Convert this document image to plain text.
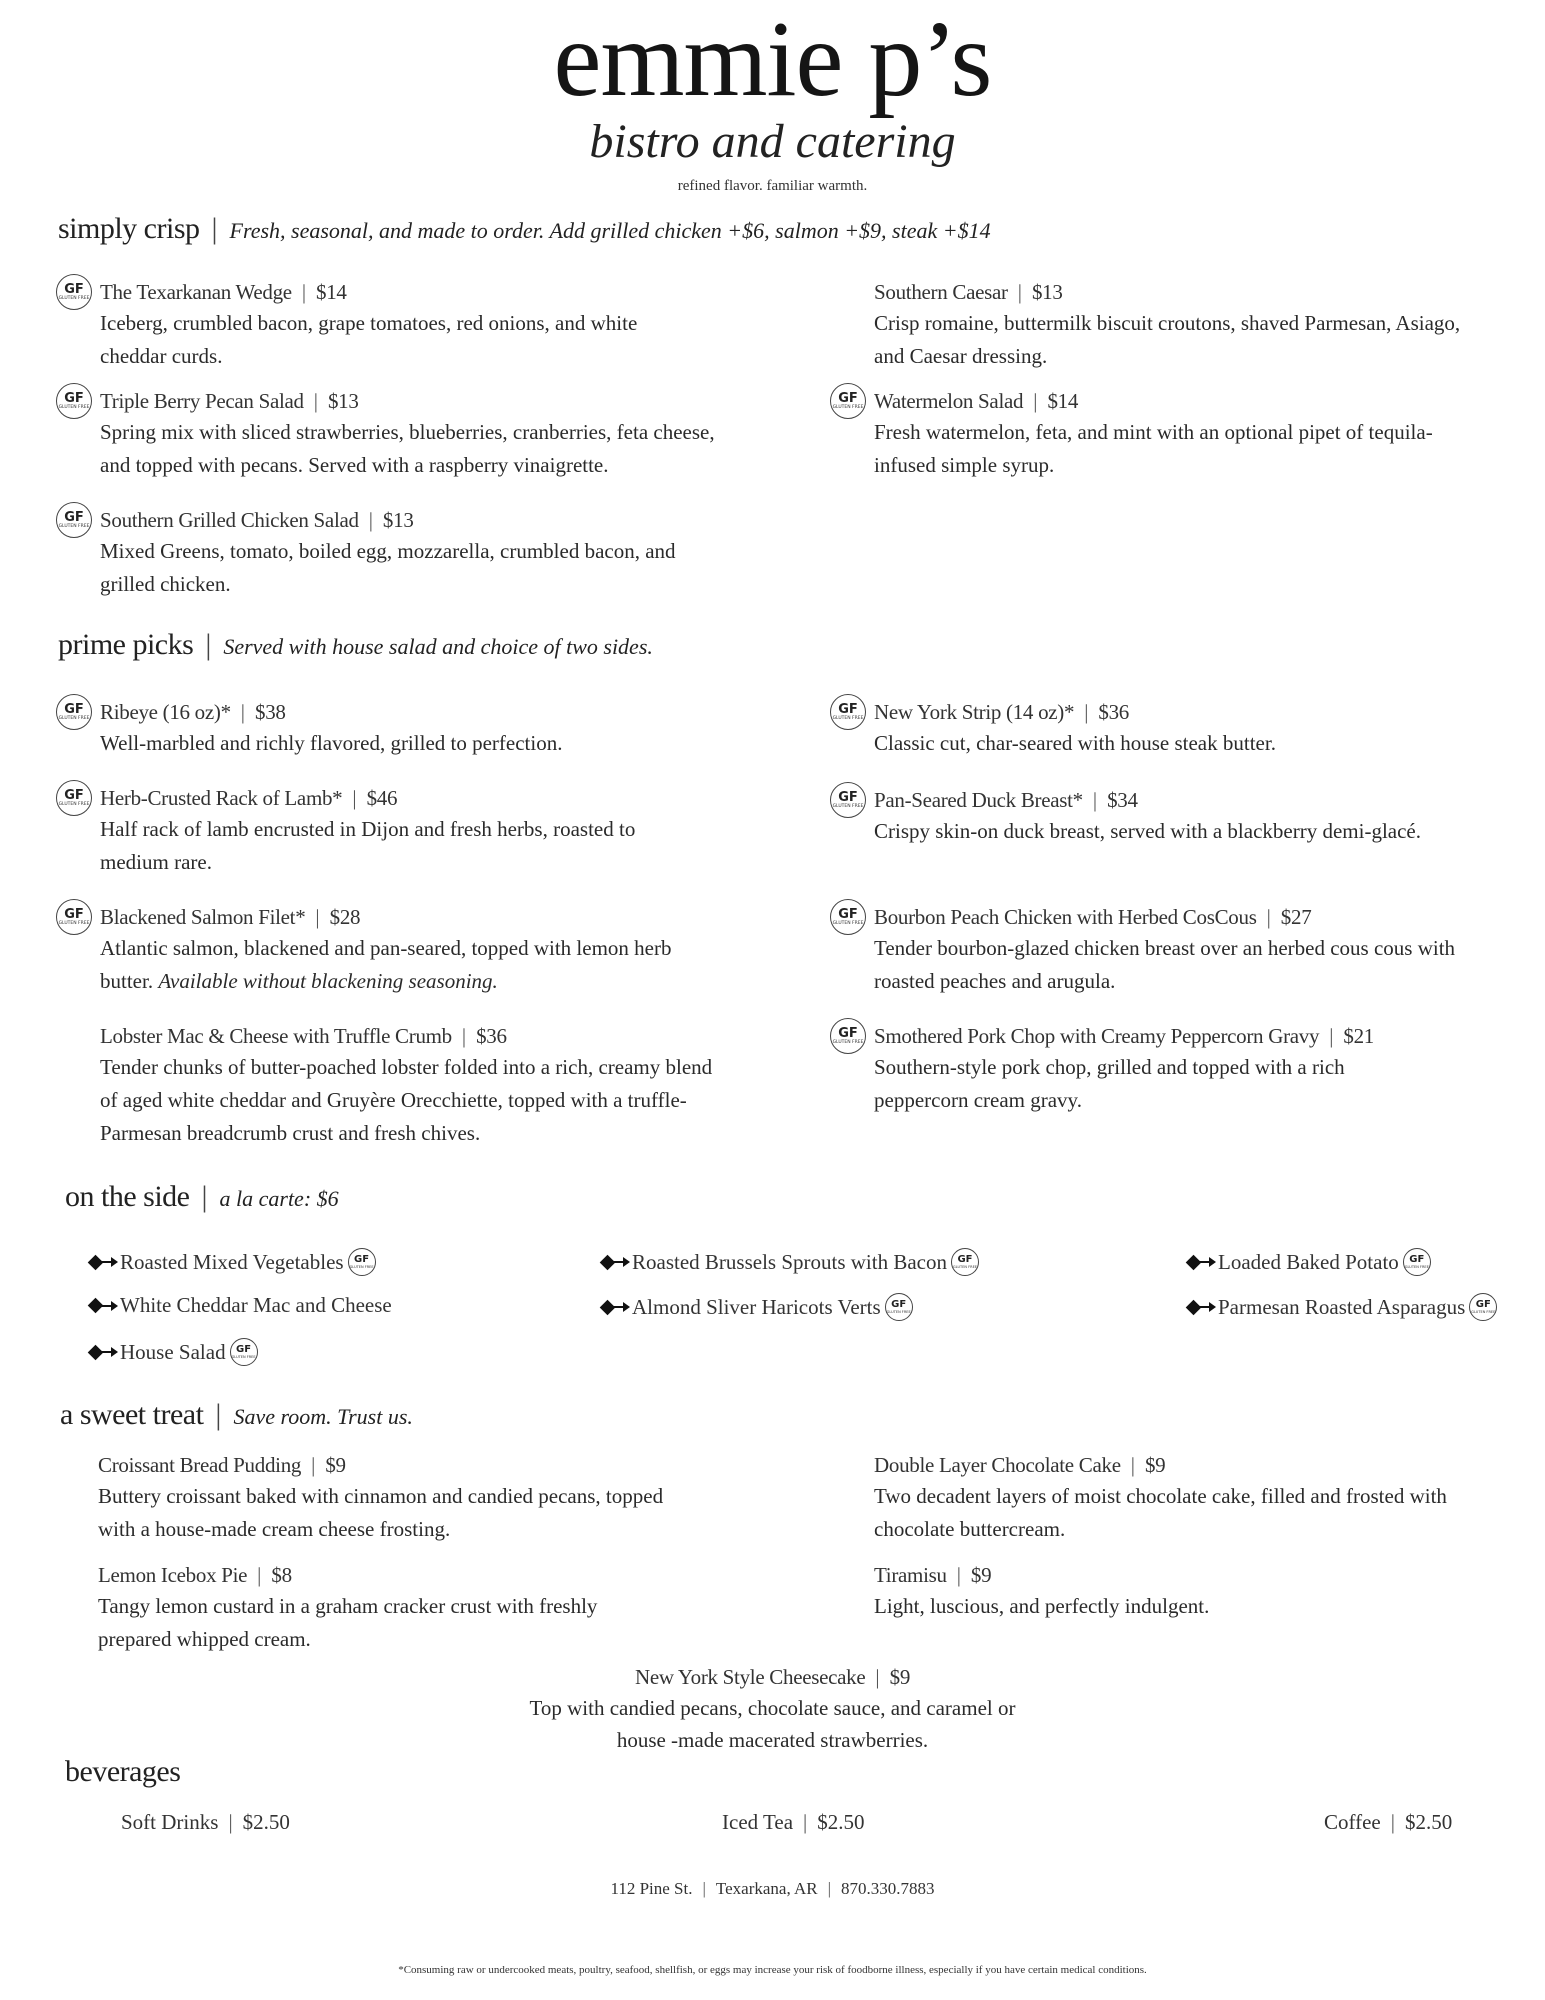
emmie p’s
bistro and catering
refined flavor. familiar warmth.
simply crisp | Fresh, seasonal, and made to order. Add grilled chicken +$6, salmon +$9, steak +$14
GF
GLUTEN FREE The Texarkanan Wedge | $14
Iceberg, crumbled bacon, grape tomatoes, red onions, and white cheddar curds.
Southern Caesar | $13
Crisp romaine, buttermilk biscuit croutons, shaved Parmesan, Asiago, and Caesar dressing.
GF
GLUTEN FREE Triple Berry Pecan Salad | $13
Spring mix with sliced strawberries, blueberries, cranberries, feta cheese, and topped with pecans. Served with a raspberry vinaigrette.
GF
GLUTEN FREE Watermelon Salad | $14
Fresh watermelon, feta, and mint with an optional pipet of tequila-infused simple syrup.
GF
GLUTEN FREE Southern Grilled Chicken Salad | $13
Mixed Greens, tomato, boiled egg, mozzarella, crumbled bacon, and grilled chicken.
prime picks | Served with house salad and choice of two sides.
GF
GLUTEN FREE Ribeye (16 oz)* | $38
Well-marbled and richly flavored, grilled to perfection.
GF
GLUTEN FREE New York Strip (14 oz)* | $36
Classic cut, char-seared with house steak butter.
GF
GLUTEN FREE Herb-Crusted Rack of Lamb* | $46
Half rack of lamb encrusted in Dijon and fresh herbs, roasted to medium rare.
GF
GLUTEN FREE Pan-Seared Duck Breast* | $34
Crispy skin-on duck breast, served with a blackberry demi-glacé.
GF
GLUTEN FREE Blackened Salmon Filet* | $28
Atlantic salmon, blackened and pan-seared, topped with lemon herb butter. Available without blackening seasoning.
GF
GLUTEN FREE Bourbon Peach Chicken with Herbed CosCous | $27
Tender bourbon-glazed chicken breast over an herbed cous cous with roasted peaches and arugula.
Lobster Mac & Cheese with Truffle Crumb | $36
Tender chunks of butter-poached lobster folded into a rich, creamy blend of aged white cheddar and Gruyère Orecchiette, topped with a truffle-Parmesan breadcrumb crust and fresh chives.
GF
GLUTEN FREE Smothered Pork Chop with Creamy Peppercorn Gravy | $21
Southern-style pork chop, grilled and topped with a rich peppercorn cream gravy.
on the side | a la carte: $6
Roasted Mixed Vegetables GF
GLUTEN FREE	Roasted Brussels Sprouts with Bacon GF
GLUTEN FREE	Loaded Baked Potato GF
GLUTEN FREE
White Cheddar Mac and Cheese	Almond Sliver Haricots Verts GF
GLUTEN FREE	Parmesan Roasted Asparagus GF
GLUTEN FREE
House Salad GF
GLUTEN FREE
a sweet treat | Save room. Trust us.
Croissant Bread Pudding | $9
Buttery croissant baked with cinnamon and candied pecans, topped with a house-made cream cheese frosting.
Double Layer Chocolate Cake | $9
Two decadent layers of moist chocolate cake, filled and frosted with chocolate buttercream.
Lemon Icebox Pie | $8
Tangy lemon custard in a graham cracker crust with freshly prepared whipped cream.
Tiramisu | $9
Light, luscious, and perfectly indulgent.
New York Style Cheesecake | $9
Top with candied pecans, chocolate sauce, and caramel or
house -made macerated strawberries.
beverages
Soft Drinks | $2.50	Iced Tea | $2.50	Coffee | $2.50
112 Pine St. | Texarkana, AR | 870.330.7883
*Consuming raw or undercooked meats, poultry, seafood, shellfish, or eggs may increase your risk of foodborne illness, especially if you have certain medical conditions.
